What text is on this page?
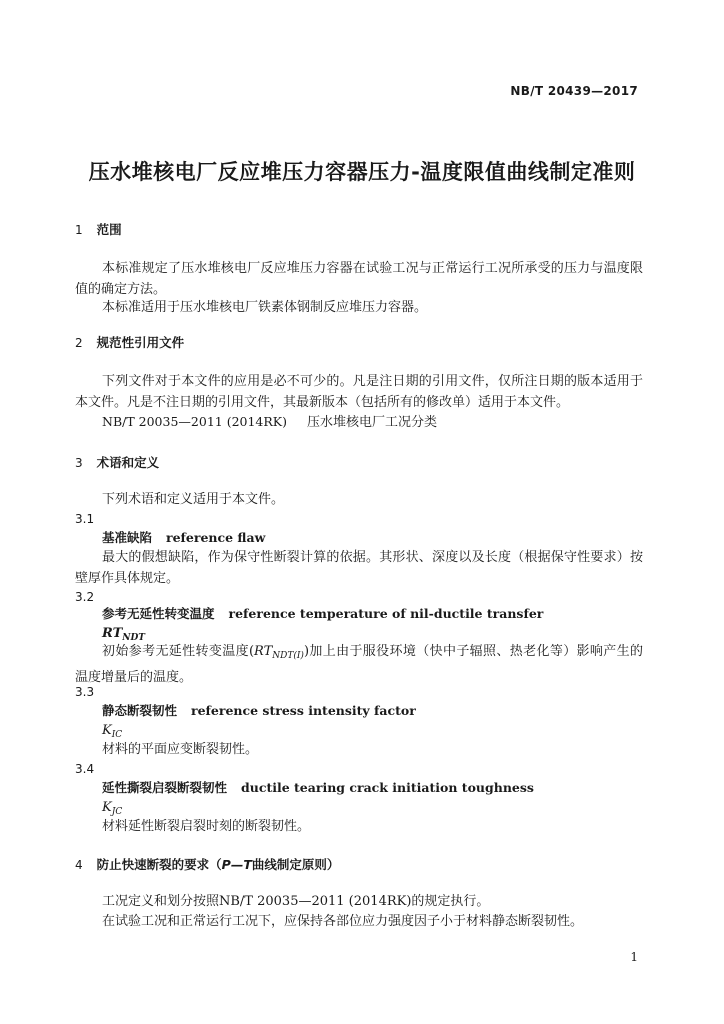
NB/T 20439—2017
压水堆核电厂反应堆压力容器压力-温度限值曲线制定准则
1 范围
本标准规定了压水堆核电厂反应堆压力容器在试验工况与正常运行工况所承受的压力与温度限值的确定方法。
本标准适用于压水堆核电厂铁素体钢制反应堆压力容器。
2 规范性引用文件
下列文件对于本文件的应用是必不可少的。凡是注日期的引用文件，仅所注日期的版本适用于本文件。凡是不注日期的引用文件，其最新版本（包括所有的修改单）适用于本文件。
NB/T 20035—2011 (2014RK) 压水堆核电厂工况分类
3 术语和定义
下列术语和定义适用于本文件。
3.1
基准缺陷 reference flaw
最大的假想缺陷，作为保守性断裂计算的依据。其形状、深度以及长度（根据保守性要求）按壁厚作具体规定。
3.2
参考无延性转变温度 reference temperature of nil-ductile transfer
$RT_{NDT}$
初始参考无延性转变温度$(RT_{NDT(I)})$加上由于服役环境（快中子辐照、热老化等）影响产生的温度增量后的温度。
3.3
静态断裂韧性 reference stress intensity factor
$K_{IC}$
材料的平面应变断裂韧性。
3.4
延性撕裂启裂断裂韧性 ductile tearing crack initiation toughness
$K_{JC}$
材料延性断裂启裂时刻的断裂韧性。
4 防止快速断裂的要求（P—T曲线制定原则）
工况定义和划分按照NB/T 20035—2011 (2014RK)的规定执行。
在试验工况和正常运行工况下，应保持各部位应力强度因子小于材料静态断裂韧性。
1
